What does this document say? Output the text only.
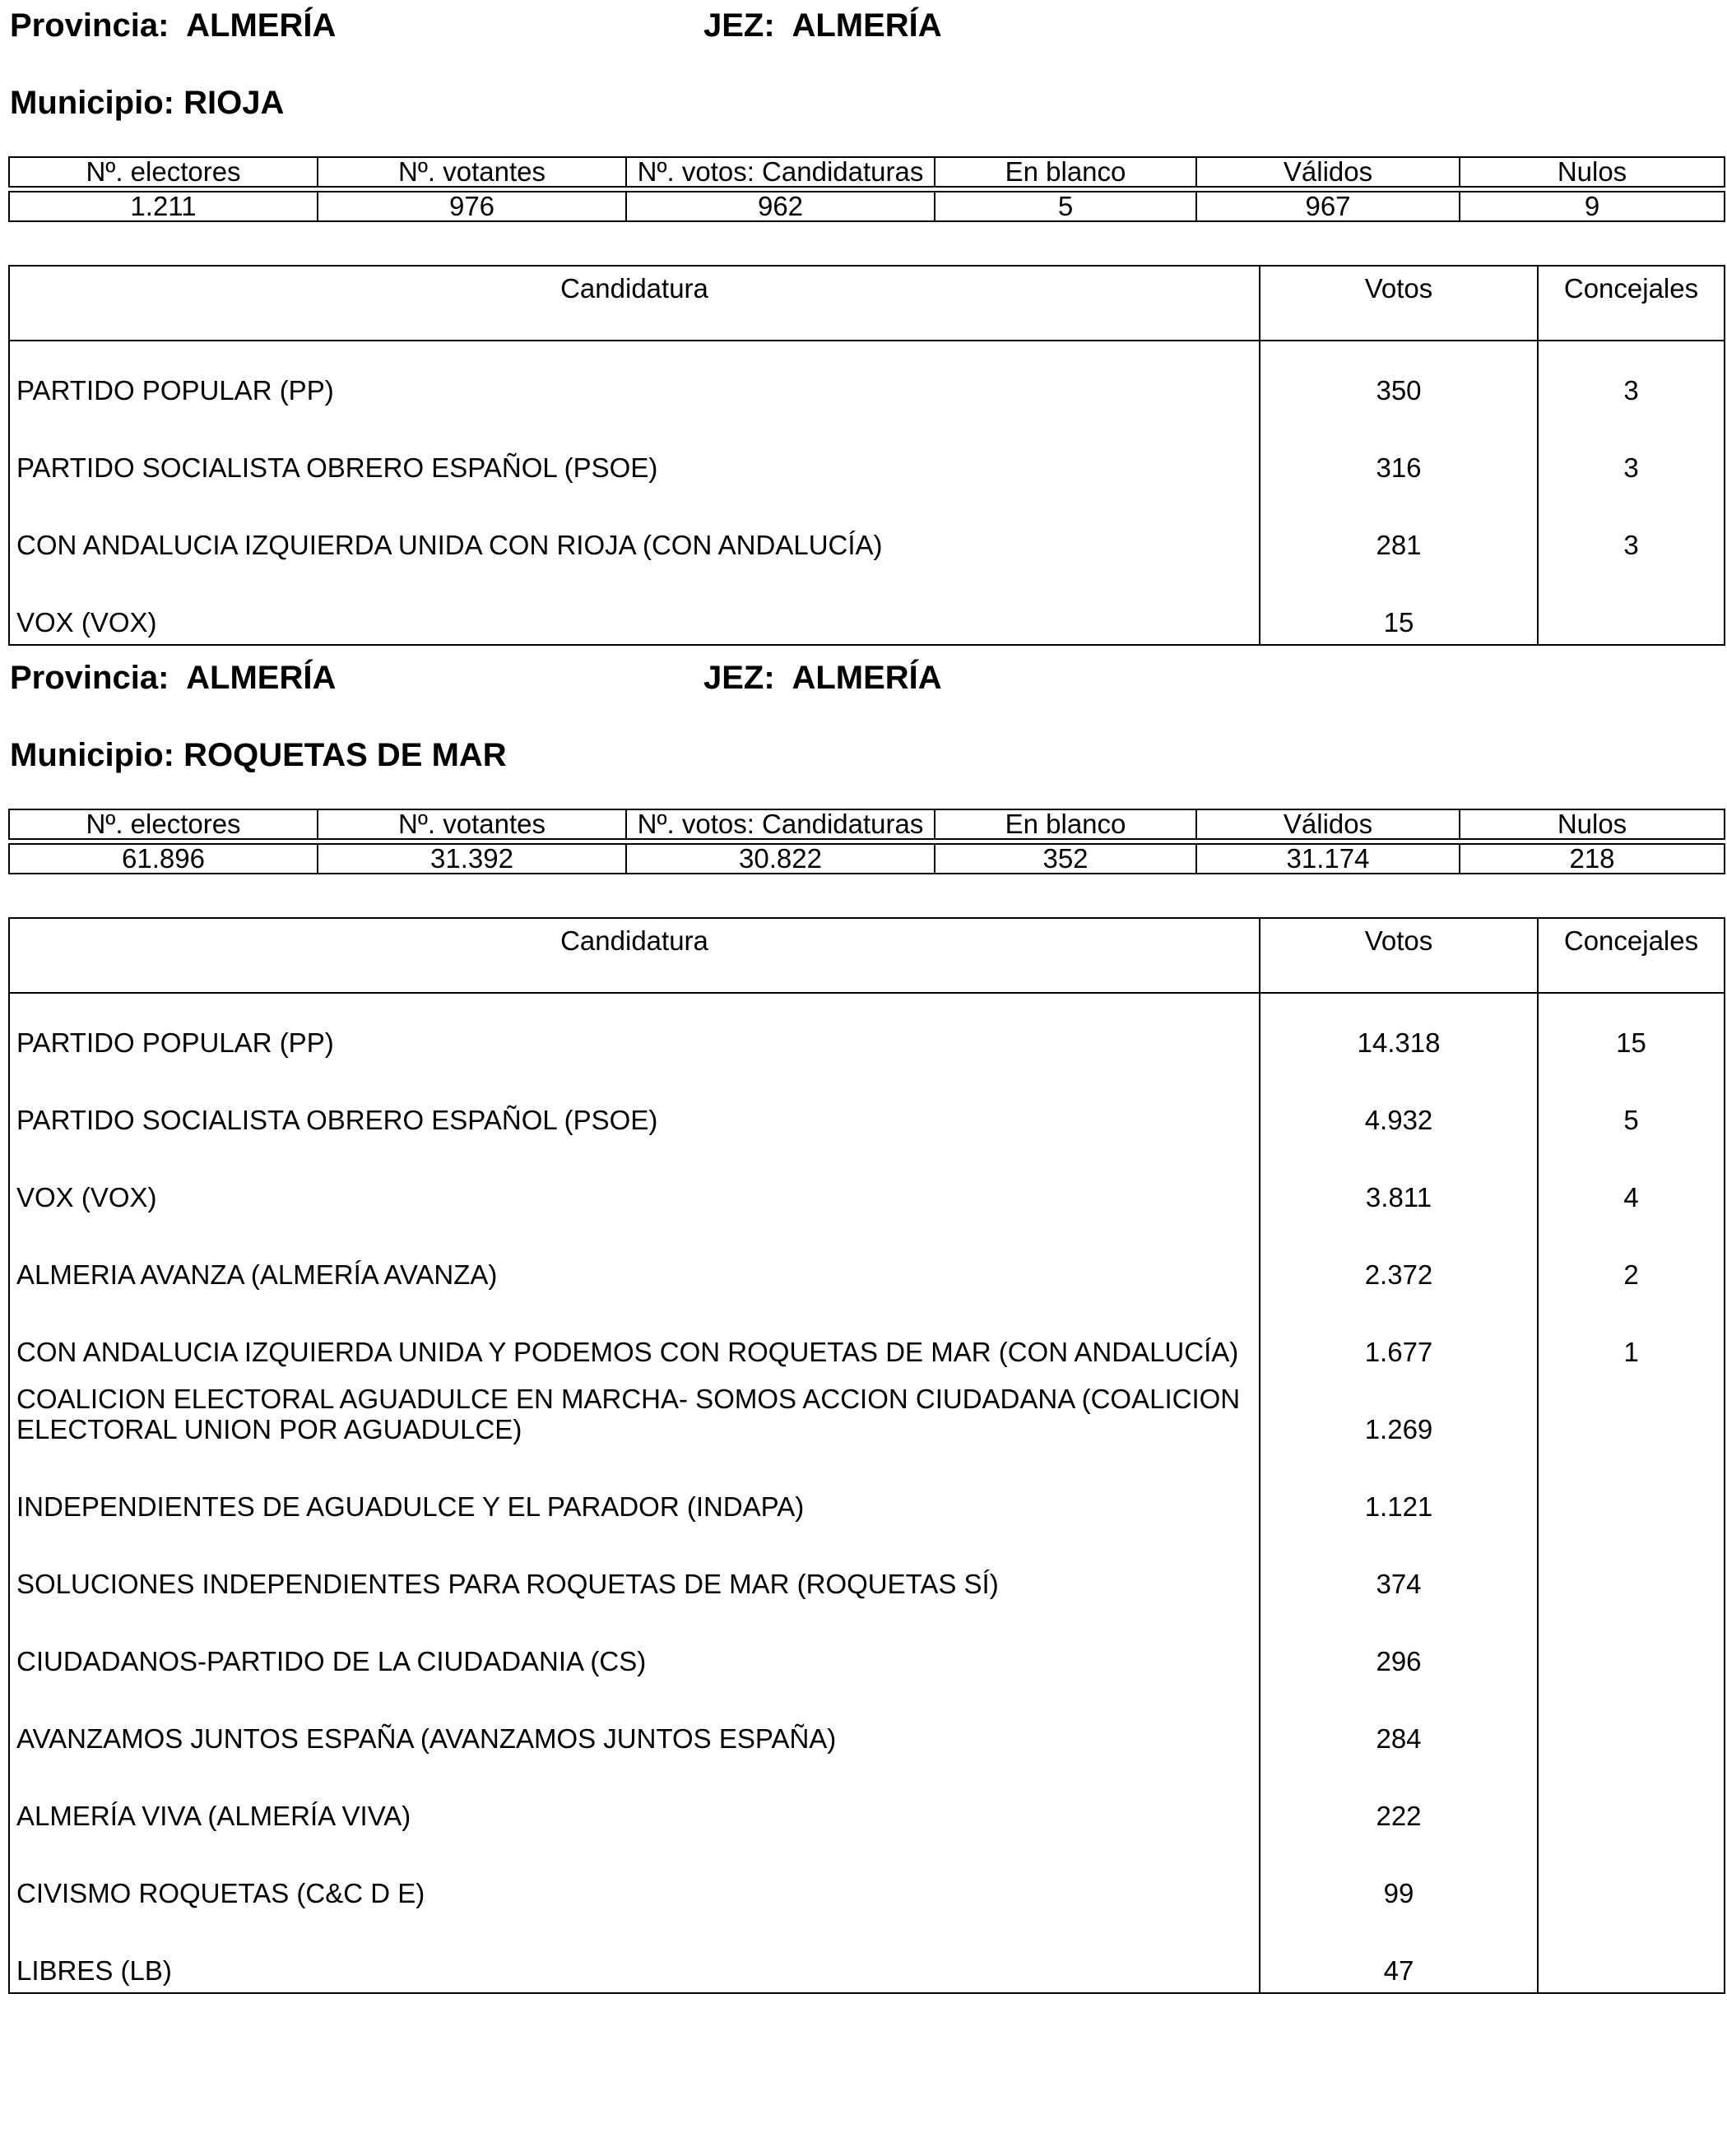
Provincia: ALMERÍA	JEZ: ALMERÍA
Municipio: RIOJA
Nº. electores	Nº. votantes	Nº. votos: Candidaturas	En blanco	Válidos	Nulos

1.211	976	962	5	967	9
Candidatura	Votos	Concejales
PARTIDO POPULAR (PP)	350	3
PARTIDO SOCIALISTA OBRERO ESPAÑOL (PSOE)	316	3
CON ANDALUCIA IZQUIERDA UNIDA CON RIOJA (CON ANDALUCÍA)	281	3
VOX (VOX)	15	
Provincia: ALMERÍA	JEZ: ALMERÍA
Municipio: ROQUETAS DE MAR
Nº. electores	Nº. votantes	Nº. votos: Candidaturas	En blanco	Válidos	Nulos

61.896	31.392	30.822	352	31.174	218
Candidatura	Votos	Concejales
PARTIDO POPULAR (PP)	14.318	15
PARTIDO SOCIALISTA OBRERO ESPAÑOL (PSOE)	4.932	5
VOX (VOX)	3.811	4
ALMERIA AVANZA (ALMERÍA AVANZA)	2.372	2
CON ANDALUCIA IZQUIERDA UNIDA Y PODEMOS CON ROQUETAS DE MAR (CON ANDALUCÍA)	1.677	1
COALICION ELECTORAL AGUADULCE EN MARCHA- SOMOS ACCION CIUDADANA (COALICION ELECTORAL UNION POR AGUADULCE)	1.269	
INDEPENDIENTES DE AGUADULCE Y EL PARADOR (INDAPA)	1.121	
SOLUCIONES INDEPENDIENTES PARA ROQUETAS DE MAR (ROQUETAS SÍ)	374	
CIUDADANOS-PARTIDO DE LA CIUDADANIA (CS)	296	
AVANZAMOS JUNTOS ESPAÑA (AVANZAMOS JUNTOS ESPAÑA)	284	
ALMERÍA VIVA (ALMERÍA VIVA)	222	
CIVISMO ROQUETAS (C&C D E)	99	
LIBRES (LB)	47	
